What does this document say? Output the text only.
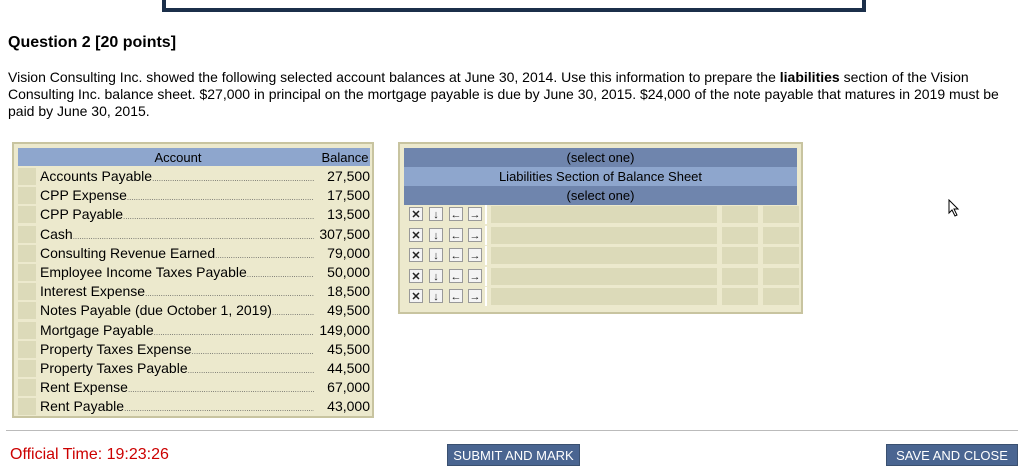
Question 2 [20 points]
Vision Consulting Inc. showed the following selected account balances at June 30, 2014. Use this information to prepare the liabilities section of the Vision Consulting Inc. balance sheet. $27,000 in principal on the mortgage payable is due by June 30, 2015. $24,000 of the note payable that matures in 2019 must be paid by June 30, 2015.
Account	Balance
Accounts Payable .....	27,500
CPP Expense .....	17,500
CPP Payable .....	13,500
Cash .....	307,500
Consulting Revenue Earned .....	79,000
Employee Income Taxes Payable .....	50,000
Interest Expense .....	18,500
Notes Payable (due October 1, 2019) .....	49,500
Mortgage Payable .....	149,000
Property Taxes Expense .....	45,500
Property Taxes Payable .....	44,500
Rent Expense .....	67,000
Rent Payable .....	43,000
(select one)
Liabilities Section of Balance Sheet
(select one)
✕	↓	← →
✕	↓	← →
✕	↓	← →
✕	↓	← →
✕	↓	← →
Official Time: 19:23:26	SUBMIT AND MARK	SAVE AND CLOSE
